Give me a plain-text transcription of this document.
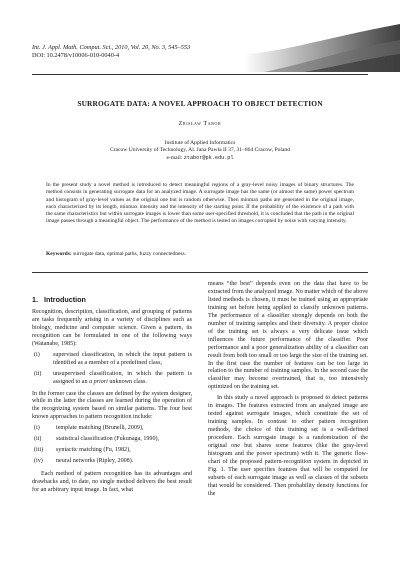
Int. J. Appl. Math. Comput. Sci., 2010, Vol. 20, No. 3, 545–553
DOI: 10.2478/v10006-010-0040-4
amcs
SURROGATE DATA: A NOVEL APPROACH TO OBJECT DETECTION
Zbisław Tabor
Institute of Applied Informatics
Cracow University of Technology, Al. Jana Pawła II 37, 31–864 Cracow, Poland
e-mail: ztabor@pk.edu.pl
In the present study a novel method is introduced to detect meaningful regions of a gray-level noisy images of binary structures. The method consists in generating surrogate data for an analyzed image. A surrogate image has the same (or almost the same) power spectrum and histogram of gray-level values as the original one but is random otherwise. Then minmax paths are generated in the original image, each characterized by its length, minmax intensity and the intensity of the starting point. If the probability of the existence of a path with the same characteristics but within surrogate images is lower than some user-specified threshold, it is concluded that the path in the original image passes through a meaningful object. The performance of the method is tested on images corrupted by noise with varying intensity.
Keywords: surrogate data, optimal paths, fuzzy connectedness.
1. Introduction

Recognition, description, classification, and grouping of patterns are tasks frequently arising in a variety of disciplines such as biology, medicine and computer science. Given a pattern, its recognition can be formulated in one of the following ways (Watanabe, 1985):

(i)	supervised classification, in which the input pattern is identified as a member of a predefined class,
(ii)	unsupervised classification, in which the pattern is assigned to an a priori unknown class.

In the former case the classes are defined by the system designer, while in the latter the classes are learned during the operation of the recognizing system based on similar patterns. The four best known approaches to pattern recognition include:

(i)	template matching (Brunelli, 2009),
(ii)	statistical classification (Fukunaga, 1990),
(iii)	syntactic matching (Fu, 1982),
(iv)	neural networks (Ripley, 2008).

Each method of pattern recognition has its advantages and drawbacks and, to date, no single method delivers the best result for an arbitrary input image. In fact, what

means “the best” depends even on the data that have to be extracted from the analyzed image. No matter which of the above listed methods is chosen, it must be trained using an appropriate training set before being applied to classify unknown patterns. The performance of a classifier strongly depends on both the number of training samples and their diversity. A proper choice of the training set is always a very delicate issue which influences the future performance of the classifier. Poor performance and a poor generalization ability of a classifier can result from both too small or too large the size of the training set. In the first case the number of features can be too large in relation to the number of training samples. In the second case the classifier may become overtrained, that is, too intensively optimized on the training set.

In this study a novel approach is proposed to detect patterns in images. The features extracted from an analyzed image are tested against surrogate images, which constitute the set of training samples. In contrast to other pattern recognition methods, the choice of this training set is a well-defined procedure. Each surrogate image is a randomization of the original one but shares some features (like the gray-level histogram and the power spectrum) with it. The generic flow-chart of the proposed pattern-recognition system in depicted in Fig. 1. The user specifies features that will be computed for subsets of each surrogate image as well as classes of the subsets that would be considered. Then probability density functions for the
